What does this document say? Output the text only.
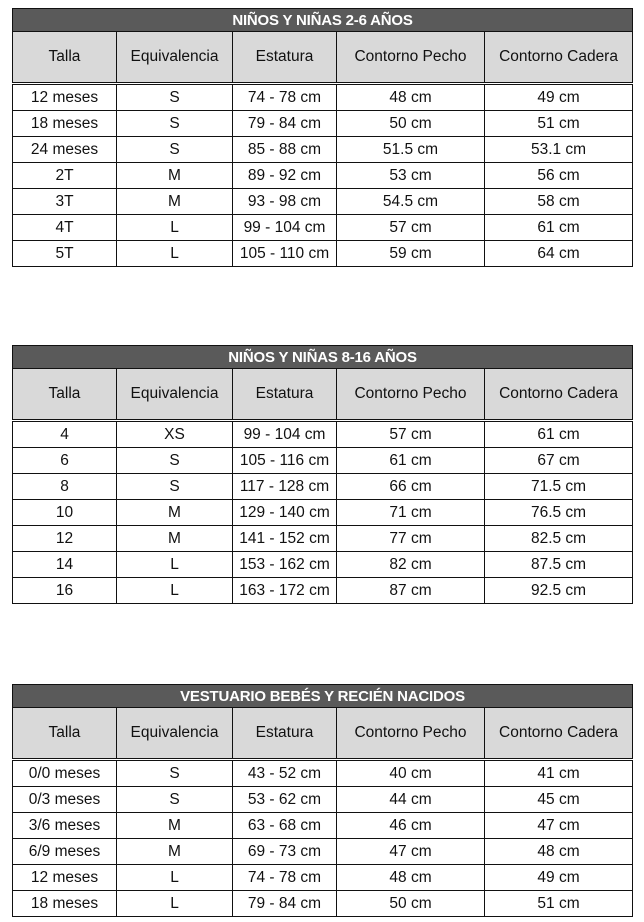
NIÑOS Y NIÑAS 2-6 AÑOS				
Talla	Equivalencia	Estatura	Contorno Pecho	Contorno Cadera
12 meses	S	74 - 78 cm	48 cm	49 cm
18 meses	S	79 - 84 cm	50 cm	51 cm
24 meses	S	85 - 88 cm	51.5 cm	53.1 cm
2T	M	89 - 92 cm	53 cm	56 cm
3T	M	93 - 98 cm	54.5 cm	58 cm
4T	L	99 - 104 cm	57 cm	61 cm
5T	L	105 - 110 cm	59 cm	64 cm
NIÑOS Y NIÑAS 8-16 AÑOS				
Talla	Equivalencia	Estatura	Contorno Pecho	Contorno Cadera
4	XS	99 - 104 cm	57 cm	61 cm
6	S	105 - 116 cm	61 cm	67 cm
8	S	117 - 128 cm	66 cm	71.5 cm
10	M	129 - 140 cm	71 cm	76.5 cm
12	M	141 - 152 cm	77 cm	82.5 cm
14	L	153 - 162 cm	82 cm	87.5 cm
16	L	163 - 172 cm	87 cm	92.5 cm
VESTUARIO BEBÉS Y RECIÉN NACIDOS				
Talla	Equivalencia	Estatura	Contorno Pecho	Contorno Cadera
0/0 meses	S	43 - 52 cm	40 cm	41 cm
0/3 meses	S	53 - 62 cm	44 cm	45 cm
3/6 meses	M	63 - 68 cm	46 cm	47 cm
6/9 meses	M	69 - 73 cm	47 cm	48 cm
12 meses	L	74 - 78 cm	48 cm	49 cm
18 meses	L	79 - 84 cm	50 cm	51 cm
